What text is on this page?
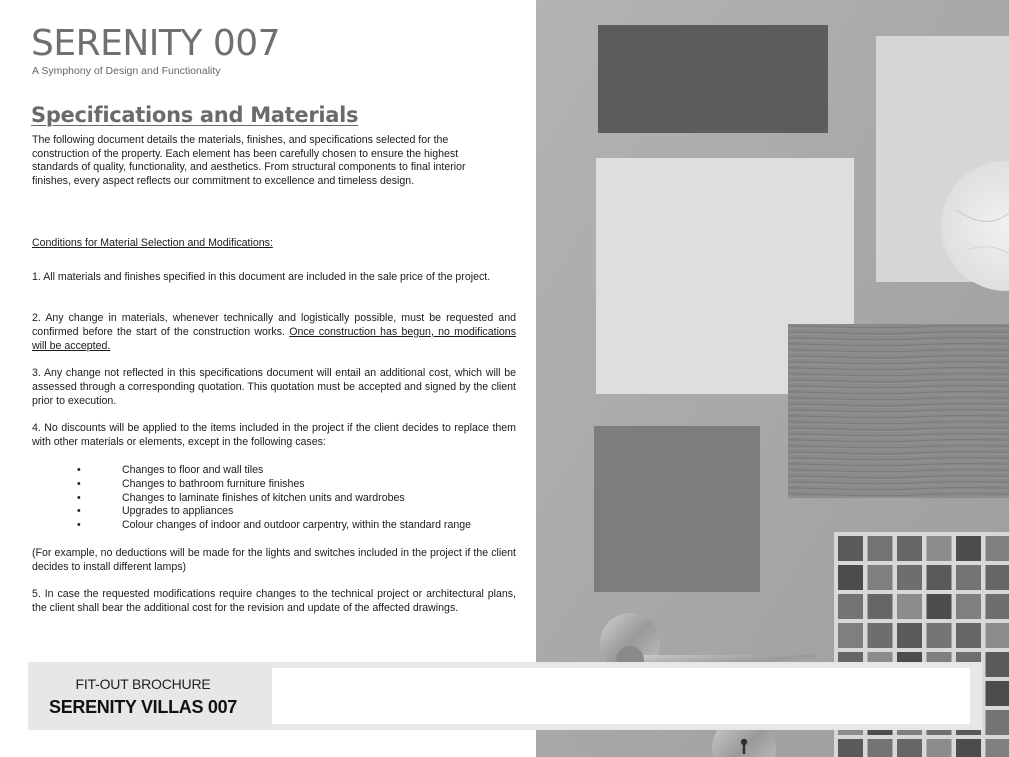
SERENITY 007
A Symphony of Design and Functionality
Specifications and Materials

The following document details the materials, finishes, and specifications selected for the construction of the property. Each element has been carefully chosen to ensure the highest standards of quality, functionality, and aesthetics. From structural components to final interior finishes, every aspect reflects our commitment to excellence and timeless design.

Conditions for Material Selection and Modifications:

1. All materials and finishes specified in this document are included in the sale price of the project.

2. Any change in materials, whenever technically and logistically possible, must be requested and confirmed before the start of the construction works. Once construction has begun, no modifications will be accepted.

3. Any change not reflected in this specifications document will entail an additional cost, which will be assessed through a corresponding quotation. This quotation must be accepted and signed by the client prior to execution.

4. No discounts will be applied to the items included in the project if the client decides to replace them with other materials or elements, except in the following cases:

•	Changes to floor and wall tiles
•	Changes to bathroom furniture finishes
•	Changes to laminate finishes of kitchen units and wardrobes
•	Upgrades to appliances
•	Colour changes of indoor and outdoor carpentry, within the standard range

(For example, no deductions will be made for the lights and switches included in the project if the client decides to install different lamps)

5. In case the requested modifications require changes to the technical project or architectural plans, the client shall bear the additional cost for the revision and update of the affected drawings.

FIT-OUT BROCHURE
SERENITY VILLAS 007
